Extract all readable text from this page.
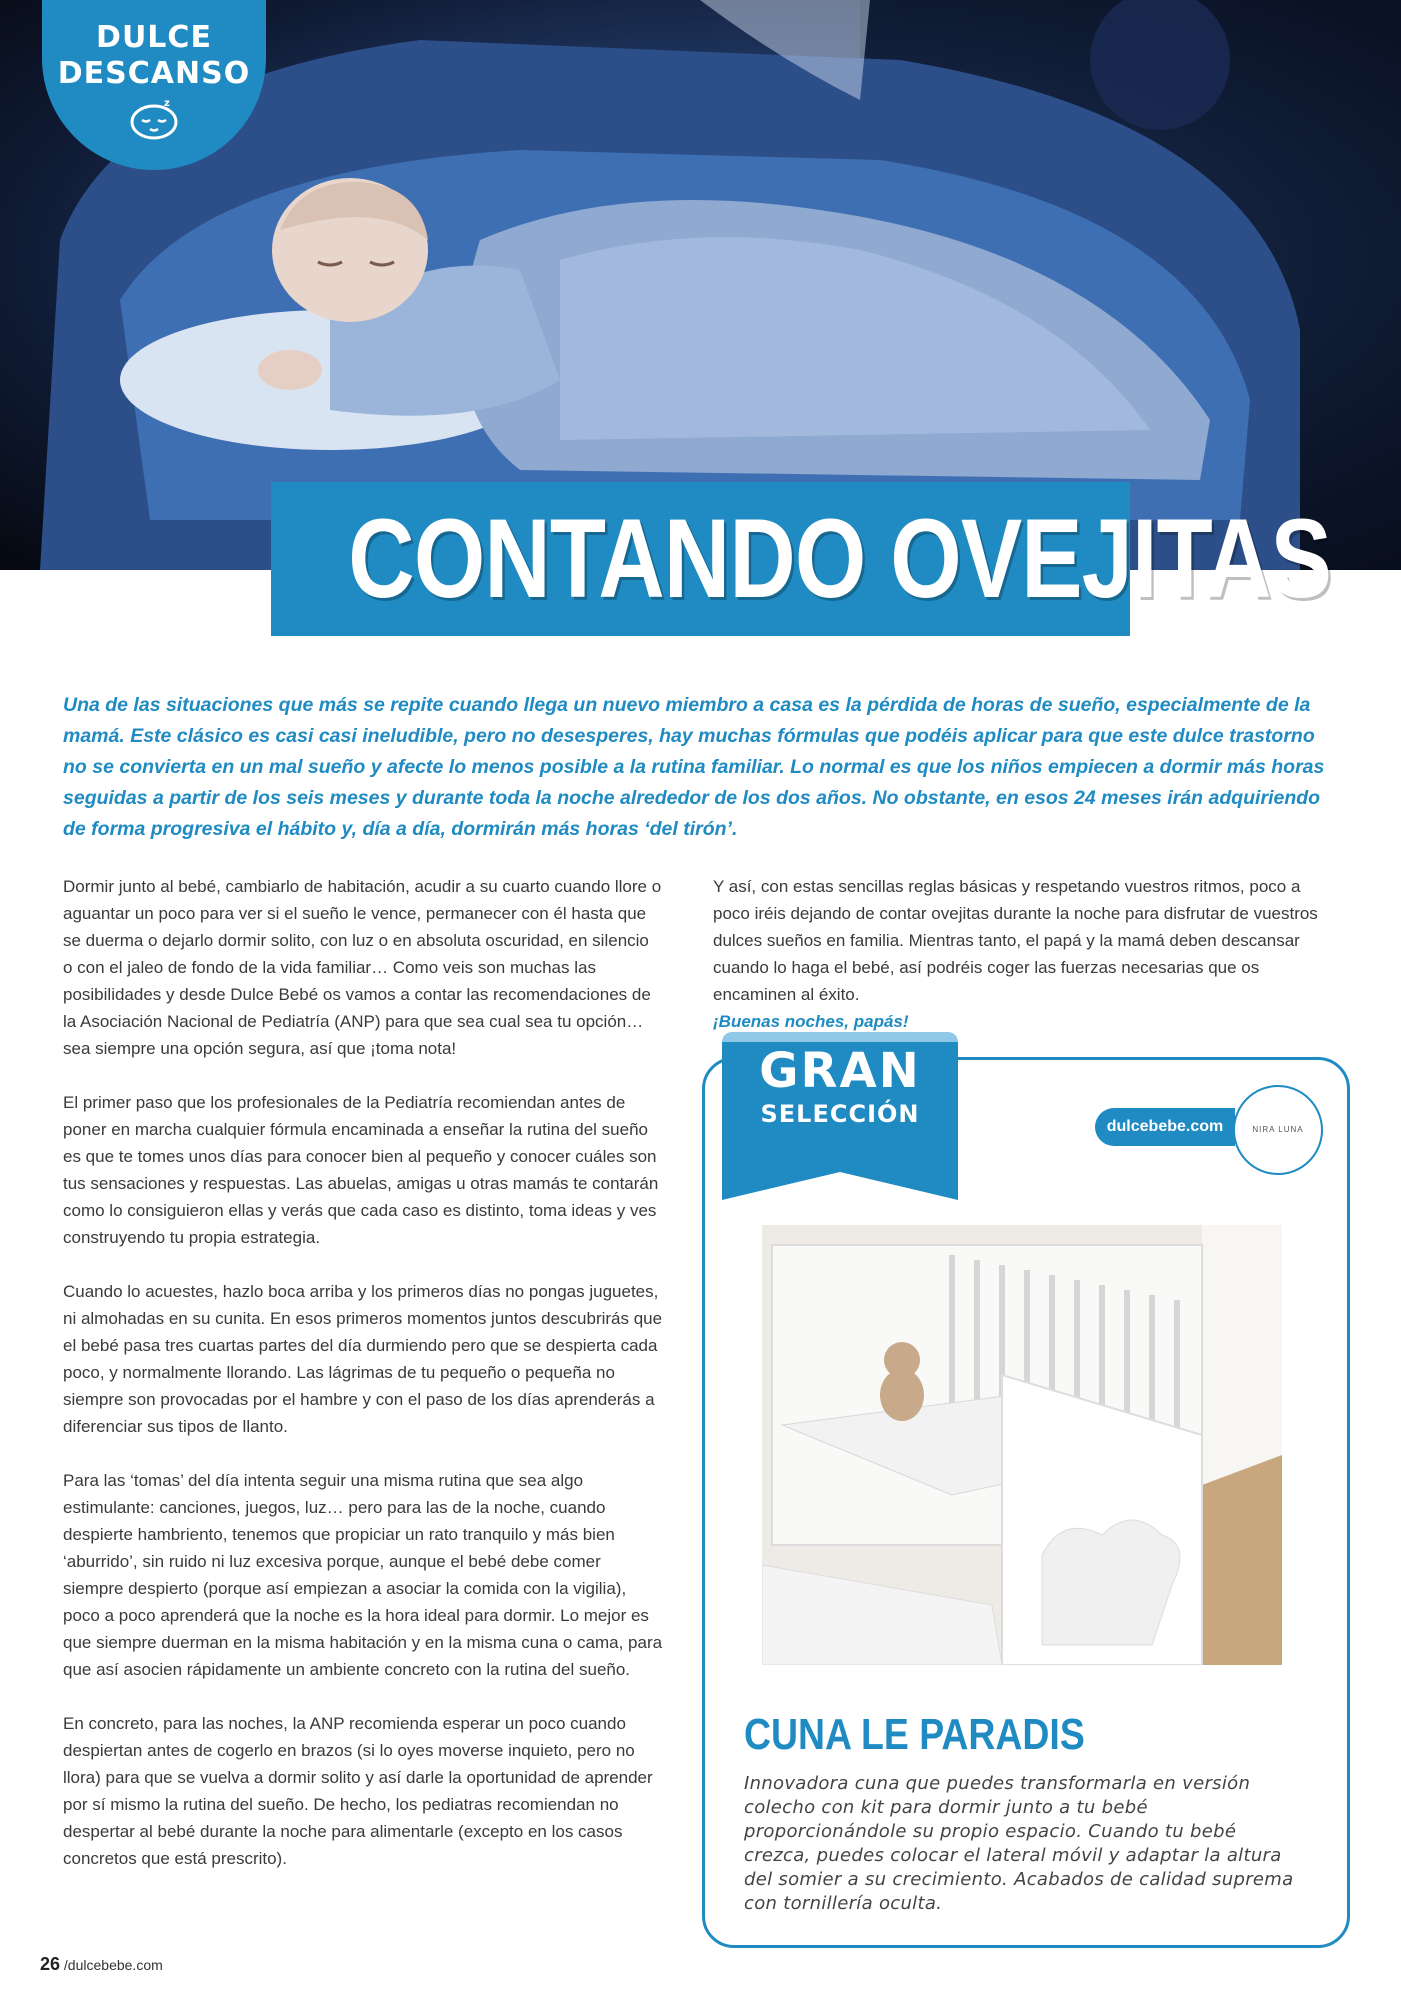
DULCE
DESCANSO
z
CONTANDO OVEJITAS
Una de las situaciones que más se repite cuando llega un nuevo miembro a casa es la pérdida de horas de sueño, especialmente de la mamá. Este clásico es casi casi ineludible, pero no desesperes, hay muchas fórmulas que podéis aplicar para que este dulce trastorno no se convierta en un mal sueño y afecte lo menos posible a la rutina familiar. Lo normal es que los niños empiecen a dormir más horas seguidas a partir de los seis meses y durante toda la noche alrededor de los dos años. No obstante, en esos 24 meses irán adquiriendo de forma progresiva el hábito y, día a día, dormirán más horas ‘del tirón’.

Dormir junto al bebé, cambiarlo de habitación, acudir a su cuarto cuando llore o aguantar un poco para ver si el sueño le vence, permanecer con él hasta que se duerma o dejarlo dormir solito, con luz o en absoluta oscuridad, en silencio o con el jaleo de fondo de la vida familiar… Como veis son muchas las posibilidades y desde Dulce Bebé os vamos a contar las recomendaciones de la Asociación Nacional de Pediatría (ANP) para que sea cual sea tu opción… sea siempre una opción segura, así que ¡toma nota!

El primer paso que los profesionales de la Pediatría recomiendan antes de poner en marcha cualquier fórmula encaminada a enseñar la rutina del sueño es que te tomes unos días para conocer bien al pequeño y conocer cuáles son tus sensaciones y respuestas. Las abuelas, amigas u otras mamás te contarán como lo consiguieron ellas y verás que cada caso es distinto, toma ideas y ves construyendo tu propia estrategia.

Cuando lo acuestes, hazlo boca arriba y los primeros días no pongas juguetes, ni almohadas en su cunita. En esos primeros momentos juntos descubrirás que el bebé pasa tres cuartas partes del día durmiendo pero que se despierta cada poco, y normalmente llorando. Las lágrimas de tu pequeño o pequeña no siempre son provocadas por el hambre y con el paso de los días aprenderás a diferenciar sus tipos de llanto.

Para las ‘tomas’ del día intenta seguir una misma rutina que sea algo estimulante: canciones, juegos, luz… pero para las de la noche, cuando despierte hambriento, tenemos que propiciar un rato tranquilo y más bien ‘aburrido’, sin ruido ni luz excesiva porque, aunque el bebé debe comer siempre despierto (porque así empiezan a asociar la comida con la vigilia), poco a poco aprenderá que la noche es la hora ideal para dormir. Lo mejor es que siempre duerman en la misma habitación y en la misma cuna o cama, para que así asocien rápidamente un ambiente concreto con la rutina del sueño.

En concreto, para las noches, la ANP recomienda esperar un poco cuando despiertan antes de cogerlo en brazos (si lo oyes moverse inquieto, pero no llora) para que se vuelva a dormir solito y así darle la oportunidad de aprender por sí mismo la rutina del sueño. De hecho, los pediatras recomiendan no despertar al bebé durante la noche para alimentarle (excepto en los casos concretos que está prescrito).

Y así, con estas sencillas reglas básicas y respetando vuestros ritmos, poco a poco iréis dejando de contar ovejitas durante la noche para disfrutar de vuestros dulces sueños en familia. Mientras tanto, el papá y la mamá deben descansar cuando lo haga el bebé, así podréis coger las fuerzas necesarias que os encaminen al éxito.
¡Buenas noches, papás!

GRAN
SELECCIÓN	dulcebebe.com	NIRA LUNA
CUNA LE PARADIS
Innovadora cuna que puedes transformarla en versión colecho con kit para dormir junto a tu bebé proporcionándole su propio espacio. Cuando tu bebé crezca, puedes colocar el lateral móvil y adaptar la altura del somier a su crecimiento. Acabados de calidad suprema con tornillería oculta.
26 /dulcebebe.com
